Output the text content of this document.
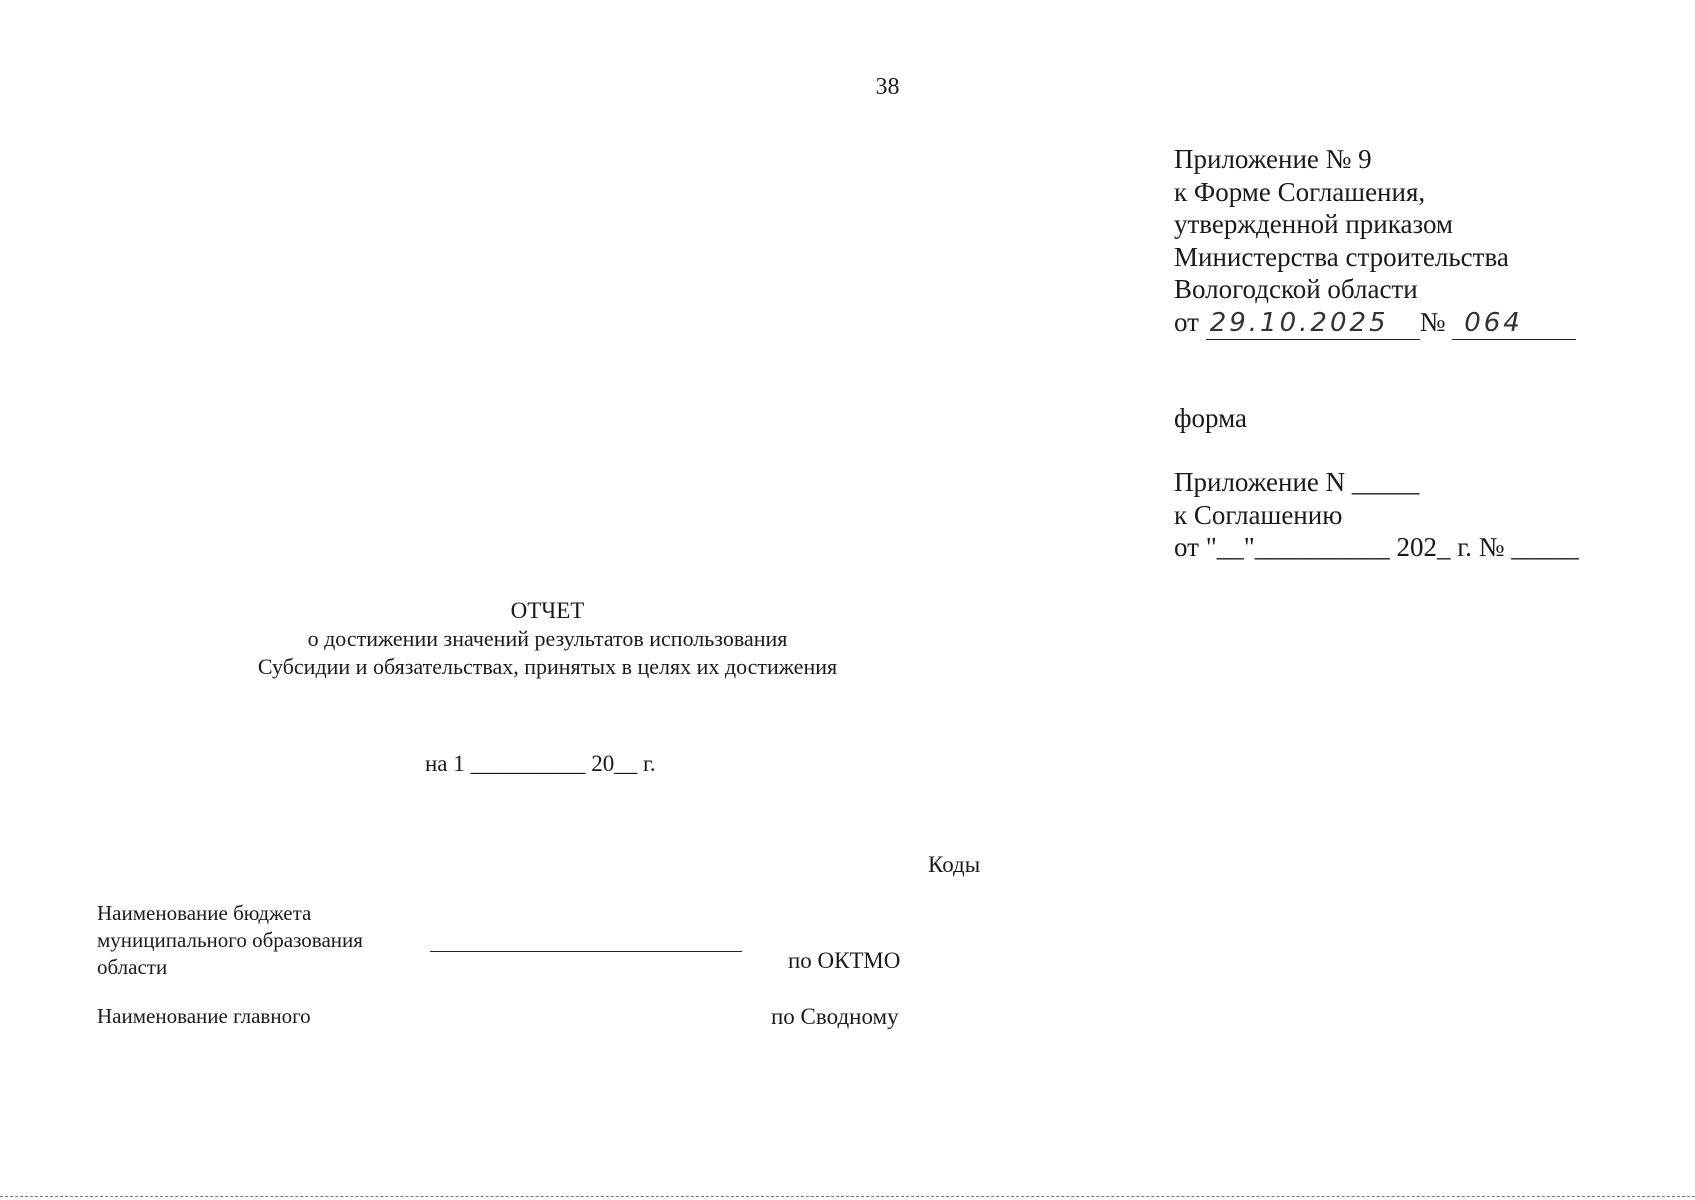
38
Приложение № 9
к Форме Соглашения,
утвержденной приказом
Министерства строительства
Вологодской области
от 29.10.2025 № 064
форма
Приложение N _____
к Соглашению
от "__"__________ 202_ г. № _____
ОТЧЕТ
о достижении значений результатов использования
Субсидии и обязательствах, принятых в целях их достижения
на 1 __________ 20__ г.
Коды
Наименование бюджета
муниципального образования
области	по ОКТМО
Наименование главного	по Сводному
